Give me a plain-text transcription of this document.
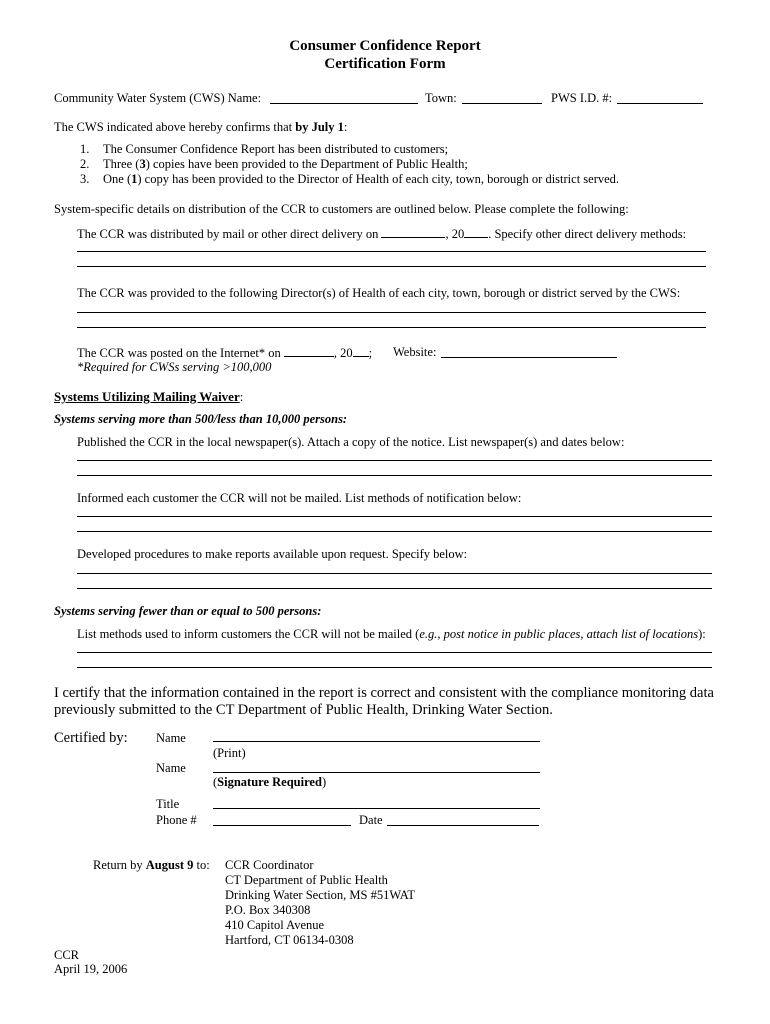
Consumer Confidence Report
Certification Form
Community Water System (CWS) Name:	Town:	PWS I.D. #:
The CWS indicated above hereby confirms that by July 1:
1. The Consumer Confidence Report has been distributed to customers;
2. Three (3) copies have been provided to the Department of Public Health;
3. One (1) copy has been provided to the Director of Health of each city, town, borough or district served.
System-specific details on distribution of the CCR to customers are outlined below. Please complete the following:
The CCR was distributed by mail or other direct delivery on	, 20 . Specify other direct delivery methods:
The CCR was provided to the following Director(s) of Health of each city, town, borough or district served by the CWS:
The CCR was posted on the Internet* on	, 20 ; Website:
*Required for CWSs serving >100,000
Systems Utilizing Mailing Waiver:
Systems serving more than 500/less than 10,000 persons:
Published the CCR in the local newspaper(s). Attach a copy of the notice. List newspaper(s) and dates below:
Informed each customer the CCR will not be mailed. List methods of notification below:
Developed procedures to make reports available upon request. Specify below:
Systems serving fewer than or equal to 500 persons:
List methods used to inform customers the CCR will not be mailed (e.g., post notice in public places, attach list of locations):
I certify that the information contained in the report is correct and consistent with the compliance monitoring data
previously submitted to the CT Department of Public Health, Drinking Water Section.
Certified by: Name
(Print)
Name
(Signature Required)
Title
Phone #	Date
Return by August 9 to: CCR Coordinator
CT Department of Public Health
Drinking Water Section, MS #51WAT
P.O. Box 340308
410 Capitol Avenue
Hartford, CT 06134-0308
CCR
April 19, 2006
